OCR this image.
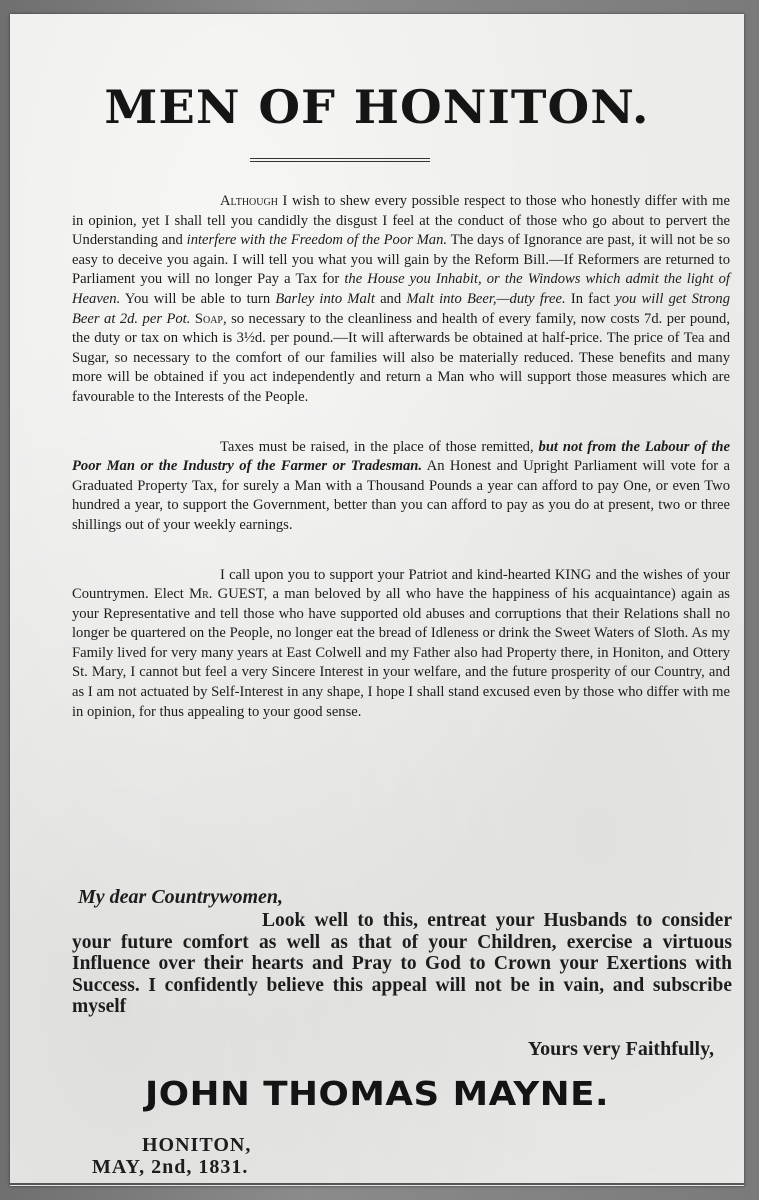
MEN OF HONITON.

Although I wish to shew every possible respect to those who honestly differ with me in opinion, yet I shall tell you candidly the disgust I feel at the conduct of those who go about to pervert the Understanding and interfere with the Freedom of the Poor Man. The days of Ignorance are past, it will not be so easy to deceive you again. I will tell you what you will gain by the Reform Bill.—If Reformers are returned to Parliament you will no longer Pay a Tax for the House you Inhabit, or the Windows which admit the light of Heaven. You will be able to turn Barley into Malt and Malt into Beer,—duty free. In fact you will get Strong Beer at 2d. per Pot. Soap, so necessary to the cleanliness and health of every family, now costs 7d. per pound, the duty or tax on which is 3½d. per pound.—It will afterwards be obtained at half-price. The price of Tea and Sugar, so necessary to the comfort of our families will also be materially reduced. These benefits and many more will be obtained if you act independently and return a Man who will support those measures which are favourable to the Interests of the People.

Taxes must be raised, in the place of those remitted, but not from the Labour of the Poor Man or the Industry of the Farmer or Tradesman. An Honest and Upright Parliament will vote for a Graduated Property Tax, for surely a Man with a Thousand Pounds a year can afford to pay One, or even Two hundred a year, to support the Government, better than you can afford to pay as you do at present, two or three shillings out of your weekly earnings.

I call upon you to support your Patriot and kind-hearted KING and the wishes of your Countrymen. Elect Mr. GUEST, a man beloved by all who have the happiness of his acquaintance) again as your Representative and tell those who have supported old abuses and corruptions that their Relations shall no longer be quartered on the People, no longer eat the bread of Idleness or drink the Sweet Waters of Sloth. As my Family lived for very many years at East Colwell and my Father also had Property there, in Honiton, and Ottery St. Mary, I cannot but feel a very Sincere Interest in your welfare, and the future prosperity of our Country, and as I am not actuated by Self-Interest in any shape, I hope I shall stand excused even by those who differ with me in opinion, for thus appealing to your good sense.

My dear Countrywomen,

Look well to this, entreat your Husbands to consider your future comfort as well as that of your Children, exercise a virtuous Influence over their hearts and Pray to God to Crown your Exertions with Success. I confidently believe this appeal will not be in vain, and subscribe myself

Yours very Faithfully,

JOHN THOMAS MAYNE.

HONITON,

MAY, 2nd, 1831.
